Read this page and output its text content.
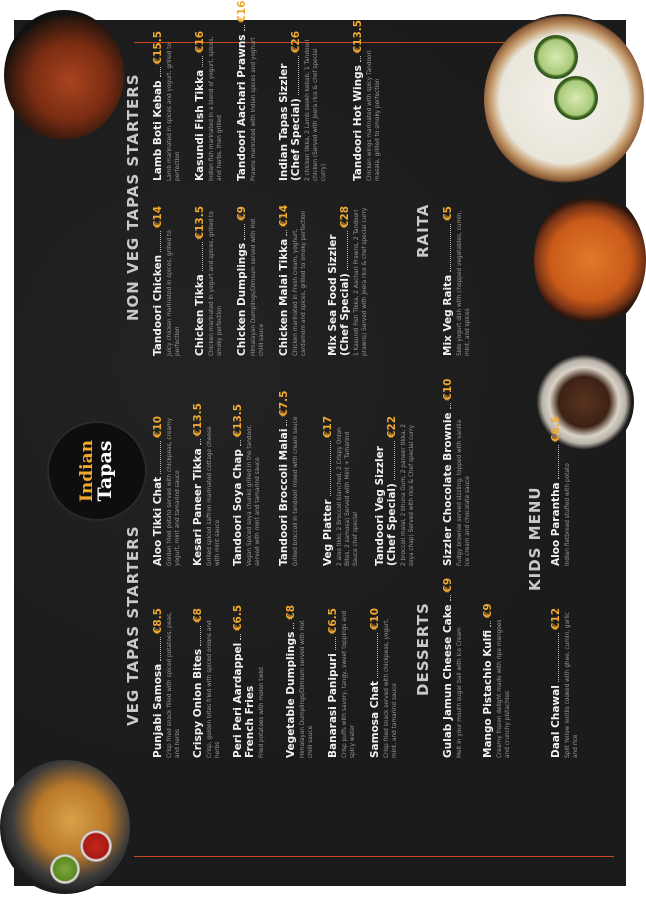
Indian
Tapas
VEG TAPAS STARTERS Punjabi Samosa
€8.5 Crisp fried snack filled with spiced potatoes, peas, and herbs Crispy Onion Bites
€8
Crisp, golden bites fried with spiced onions and herbs Peri Peri Aardappel
€6.5
French Fries Fried potatoes with molon twist Vegetable Dumplings
€8
Himalayan Dumplings/Dimsum served with Hot chilli sauce Banarasi Panipuri
€6.5 Crisp puffs with savory, tangy, sweet toppings and spicy water Samosa Chat
€10 Crisp fried snack served with chickpeas, yogurt, mint, and tamarind sauce
Aloo Tikki Chat
€10 Golden fried potato served with chickpeas, creamy yogurt, mint and tamarind sauce Kesari Paneer Tikka
€13.5
Grilled spiced saffron marinated cottage cheese with mint sauce Tandoori Soya Chap
€13.5
Vegan Spiced soya chunks grilled in the tandoor, served with mint and tamarind sauce Tandoori Broccoli Malai
€7.5
Grilled broccoli in tandoori mixed with cream sauce Veg Platter
€17
2 aloo tikki, 2 Broccoli blanched, 2 Crispy Onion Bites, 2 samosa) Served with Mint + Tamarind Sauce chef special Tandoori Veg Sizzler (Chef Special)
€22 2 broccoli malai, 2 bhuna Gum, 2 paneer tikka, 2 soya chap) Served with rice & Chef special curry
DESSERTS Gulab Jamun Cheese Cake
€9
Melt in your mouth sugar ball with ice Cream Mango Pistachio Kulfi
€9
Creamy frozen delight made with ripe mangoes and crunchy pistachios
Sizzler Chocolate Brownie
€10
Fudgy brownie served sizzling, topped with vanilla ice cream and chocolate sauce	KIDS MENU
Daal Chawal
€12 Split Yellow lentils cooked with ghee, cumin, garlic and rice
Aloo Parantha
€6.5
Indian flatbread stuffed with potato
NON VEG TAPAS STARTERS Tandoori Chicken
€14
Juicy chicken marinated in spices, grilled to perfection Chicken Tikka
€13.5 Chicken marinated in yogurt and spices, grilled to smoky perfection Chicken Dumplings
€9
Himalayan Dumplings/Dimsum served with Hot chilli sauce Chicken Malai Tikka
€14
Chicken marinated in Fresh cream, yoghurt, cardamom and spices, grilled to smoky perfection Mix Sea Food Sizzler (Chef Special)
€28 1 Kasundi Fish Tikka, 2 Aachari Prawns, 2 Tandoori prawns) Served with Jeera rice & chef special curry
Lamb Boti Kebab
€15.5 Lamb marinated in spices and yogurt, grilled to perfection Kasundi Fish Tikka
€16 Indian fish marinated in a blend of yogurt, spices, and herbs, then grilled Tandoori Aachari Prawns
€16
Prawns marinated with Indian spices and yoghurt Indian Tapas Sizzler (Chef Special)
€26 2 chicken tikka, 2 Lamb seekh kebab, 1 Tandoori chicken (Served with Jeera rice & chef special curry) Tandoori Hot Wings
€13.5
Chicken wings marinated with spicy Tandoori masala, grilled to smoky perfection
RAITA
Mix Veg Raita
€5 Side yogurt dish with chopped vegetables, cumin, mint, and spices
